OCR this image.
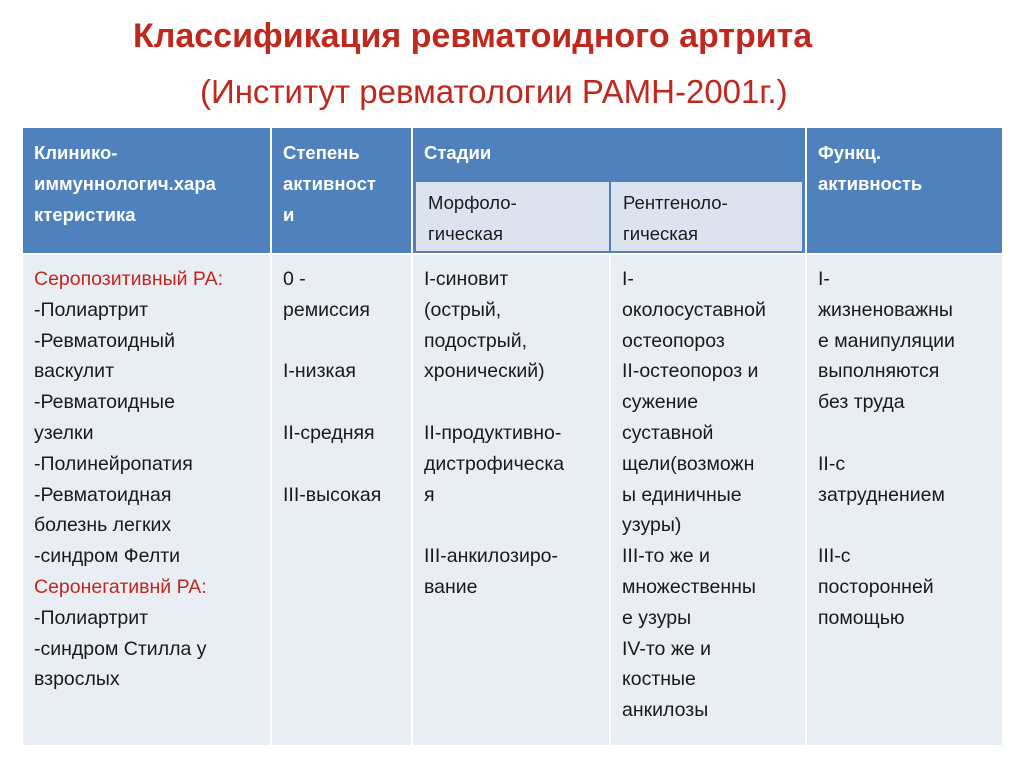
Классификация ревматоидного артрита
(Институт ревматологии РАМН-2001г.)
Клинико-
иммуннологич.хара
ктеристика
Степень
активност
и
Стадии
Морфоло-
гическая
Рентгеноло-
гическая
Функц.
активность
Серопозитивный РА:
-Полиартрит
-Ревматоидный
васкулит
-Ревматоидные
узелки
-Полинейропатия
-Ревматоидная
болезнь легких
-синдром Фелти
Серонегативнй РА:
-Полиартрит
-синдром Стилла у
взрослых
0 -
ремиссия
I-низкая
II-средняя
III-высокая
I-синовит
(острый,
подострый,
хронический)
II-продуктивно-
дистрофическа
я
III-анкилозиро-
вание
I-
околосуставной
остеопороз
II-остеопороз и
сужение
суставной
щели(возможн
ы единичные
узуры)
III-то же и
множественны
е узуры
IV-то же и
костные
анкилозы
I-
жизненоважны
е манипуляции
выполняются
без труда
II-с
затруднением
III-с
посторонней
помощью
